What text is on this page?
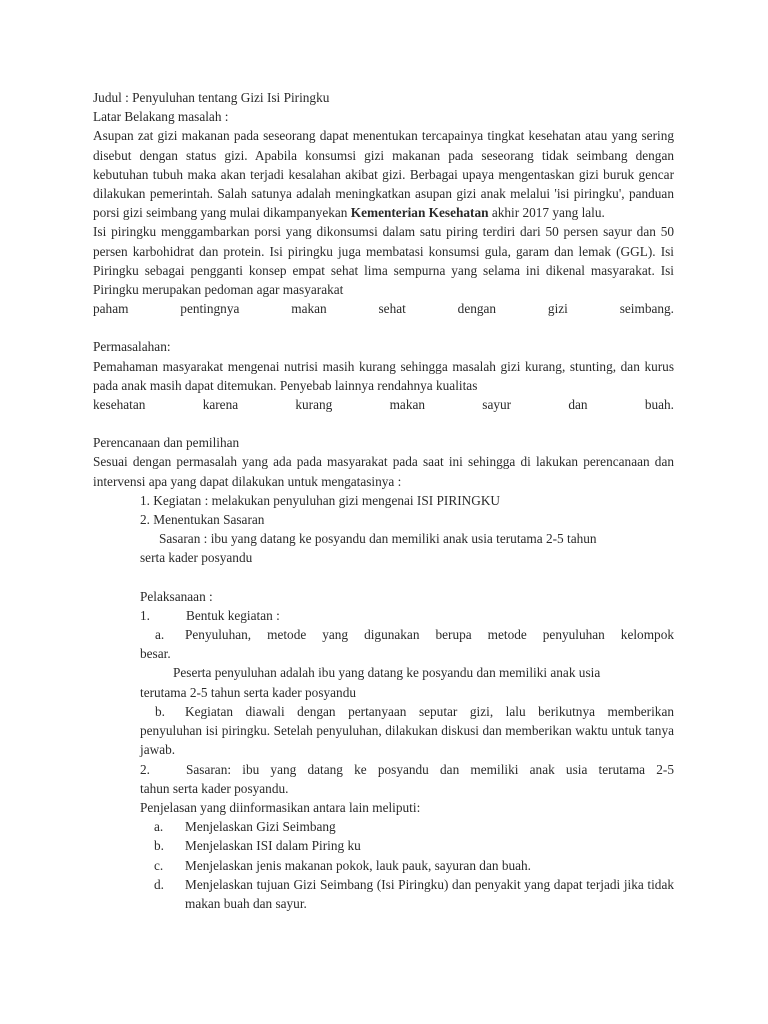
Judul : Penyuluhan tentang Gizi Isi Piringku

Latar Belakang masalah :

Asupan zat gizi makanan pada seseorang dapat menentukan tercapainya tingkat kesehatan atau yang sering disebut dengan status gizi. Apabila konsumsi gizi makanan pada seseorang tidak seimbang dengan kebutuhan tubuh maka akan terjadi kesalahan akibat gizi. Berbagai upaya mengentaskan gizi buruk gencar dilakukan pemerintah. Salah satunya adalah meningkatkan asupan gizi anak melalui 'isi piringku', panduan porsi gizi seimbang yang mulai dikampanyekan Kementerian Kesehatan akhir 2017 yang lalu.

Isi piringku menggambarkan porsi yang dikonsumsi dalam satu piring terdiri dari 50 persen sayur dan 50 persen karbohidrat dan protein. Isi piringku juga membatasi konsumsi gula, garam dan lemak (GGL). Isi Piringku sebagai pengganti konsep empat sehat lima sempurna yang selama ini dikenal masyarakat. Isi Piringku merupakan pedoman agar masyarakat

paham pentingnya makan sehat dengan gizi seimbang.

Permasalahan:

Pemahaman masyarakat mengenai nutrisi masih kurang sehingga masalah gizi kurang, stunting, dan kurus pada anak masih dapat ditemukan. Penyebab lainnya rendahnya kualitas

kesehatan karena kurang makan sayur dan buah.

Perencanaan dan pemilihan

Sesuai dengan permasalah yang ada pada masyarakat pada saat ini sehingga di lakukan perencanaan dan intervensi apa yang dapat dilakukan untuk mengatasinya :

1. Kegiatan : melakukan penyuluhan gizi mengenai ISI PIRINGKU

2. Menentukan Sasaran

Sasaran : ibu yang datang ke posyandu dan memiliki anak usia terutama 2-5 tahun

serta kader posyandu

Pelaksanaan :

1.	Bentuk kegiatan :
a.	Penyuluhan, metode yang digunakan berupa metode penyuluhan kelompok

besar.

Peserta penyuluhan adalah ibu yang datang ke posyandu dan memiliki anak usia

terutama 2-5 tahun serta kader posyandu

b.	Kegiatan diawali dengan pertanyaan seputar gizi, lalu berikutnya memberikan

penyuluhan isi piringku. Setelah penyuluhan, dilakukan diskusi dan memberikan waktu untuk tanya jawab.

2.	Sasaran: ibu yang datang ke posyandu dan memiliki anak usia terutama 2-5

tahun serta kader posyandu.

Penjelasan yang diinformasikan antara lain meliputi:

a.	Menjelaskan Gizi Seimbang
b.	Menjelaskan ISI dalam Piring ku
c.	Menjelaskan jenis makanan pokok, lauk pauk, sayuran dan buah.
d.	Menjelaskan tujuan Gizi Seimbang (Isi Piringku) dan penyakit yang dapat terjadi jika tidak makan buah dan sayur.
